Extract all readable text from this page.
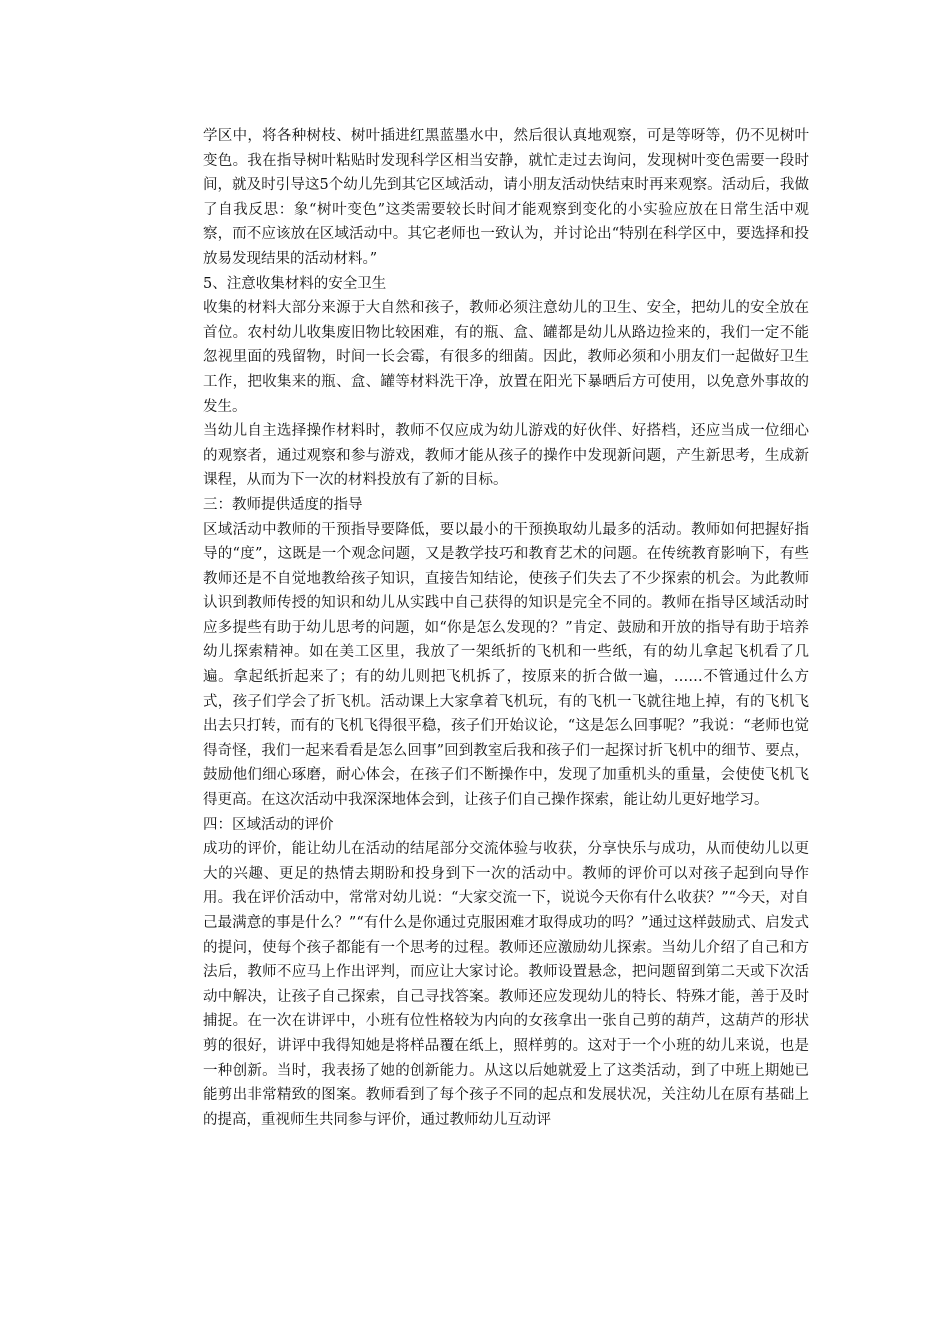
学区中，将各种树枝、树叶插进红黑蓝墨水中，然后很认真地观察，可是等呀等，仍不见树叶变色。我在指导树叶粘贴时发现科学区相当安静，就忙走过去询问，发现树叶变色需要一段时间，就及时引导这5个幼儿先到其它区域活动，请小朋友活动快结束时再来观察。活动后，我做了自我反思：象“树叶变色”这类需要较长时间才能观察到变化的小实验应放在日常生活中观察，而不应该放在区域活动中。其它老师也一致认为，并讨论出“特别在科学区中，要选择和投放易发现结果的活动材料。”

5、注意收集材料的安全卫生

收集的材料大部分来源于大自然和孩子，教师必须注意幼儿的卫生、安全，把幼儿的安全放在首位。农村幼儿收集废旧物比较困难，有的瓶、盒、罐都是幼儿从路边捡来的，我们一定不能忽视里面的残留物，时间一长会霉，有很多的细菌。因此，教师必须和小朋友们一起做好卫生工作，把收集来的瓶、盒、罐等材料洗干净，放置在阳光下暴晒后方可使用，以免意外事故的发生。

当幼儿自主选择操作材料时，教师不仅应成为幼儿游戏的好伙伴、好搭档，还应当成一位细心的观察者，通过观察和参与游戏，教师才能从孩子的操作中发现新问题，产生新思考，生成新课程，从而为下一次的材料投放有了新的目标。

三：教师提供适度的指导

区域活动中教师的干预指导要降低，要以最小的干预换取幼儿最多的活动。教师如何把握好指导的“度”，这既是一个观念问题，又是教学技巧和教育艺术的问题。在传统教育影响下，有些教师还是不自觉地教给孩子知识，直接告知结论，使孩子们失去了不少探索的机会。为此教师认识到教师传授的知识和幼儿从实践中自己获得的知识是完全不同的。教师在指导区域活动时应多提些有助于幼儿思考的问题，如“你是怎么发现的？”肯定、鼓励和开放的指导有助于培养幼儿探索精神。如在美工区里，我放了一架纸折的飞机和一些纸，有的幼儿拿起飞机看了几遍。拿起纸折起来了；有的幼儿则把飞机拆了，按原来的折合做一遍，……不管通过什么方式，孩子们学会了折飞机。活动课上大家拿着飞机玩，有的飞机一飞就往地上掉，有的飞机飞出去只打转，而有的飞机飞得很平稳，孩子们开始议论，“这是怎么回事呢？”我说：“老师也觉得奇怪，我们一起来看看是怎么回事”回到教室后我和孩子们一起探讨折飞机中的细节、要点，鼓励他们细心琢磨，耐心体会，在孩子们不断操作中，发现了加重机头的重量，会使使飞机飞得更高。在这次活动中我深深地体会到，让孩子们自己操作探索，能让幼儿更好地学习。

四：区域活动的评价

成功的评价，能让幼儿在活动的结尾部分交流体验与收获，分享快乐与成功，从而使幼儿以更大的兴趣、更足的热情去期盼和投身到下一次的活动中。教师的评价可以对孩子起到向导作用。我在评价活动中，常常对幼儿说：“大家交流一下，说说今天你有什么收获？”“今天，对自己最满意的事是什么？”“有什么是你通过克服困难才取得成功的吗？”通过这样鼓励式、启发式的提问，使每个孩子都能有一个思考的过程。教师还应激励幼儿探索。当幼儿介绍了自己和方法后，教师不应马上作出评判，而应让大家讨论。教师设置悬念，把问题留到第二天或下次活动中解决，让孩子自己探索，自己寻找答案。教师还应发现幼儿的特长、特殊才能，善于及时捕捉。在一次在讲评中，小班有位性格较为内向的女孩拿出一张自己剪的葫芦，这葫芦的形状剪的很好，讲评中我得知她是将样品覆在纸上，照样剪的。这对于一个小班的幼儿来说，也是一种创新。当时，我表扬了她的创新能力。从这以后她就爱上了这类活动，到了中班上期她已能剪出非常精致的图案。教师看到了每个孩子不同的起点和发展状况，关注幼儿在原有基础上的提高，重视师生共同参与评价，通过教师幼儿互动评
